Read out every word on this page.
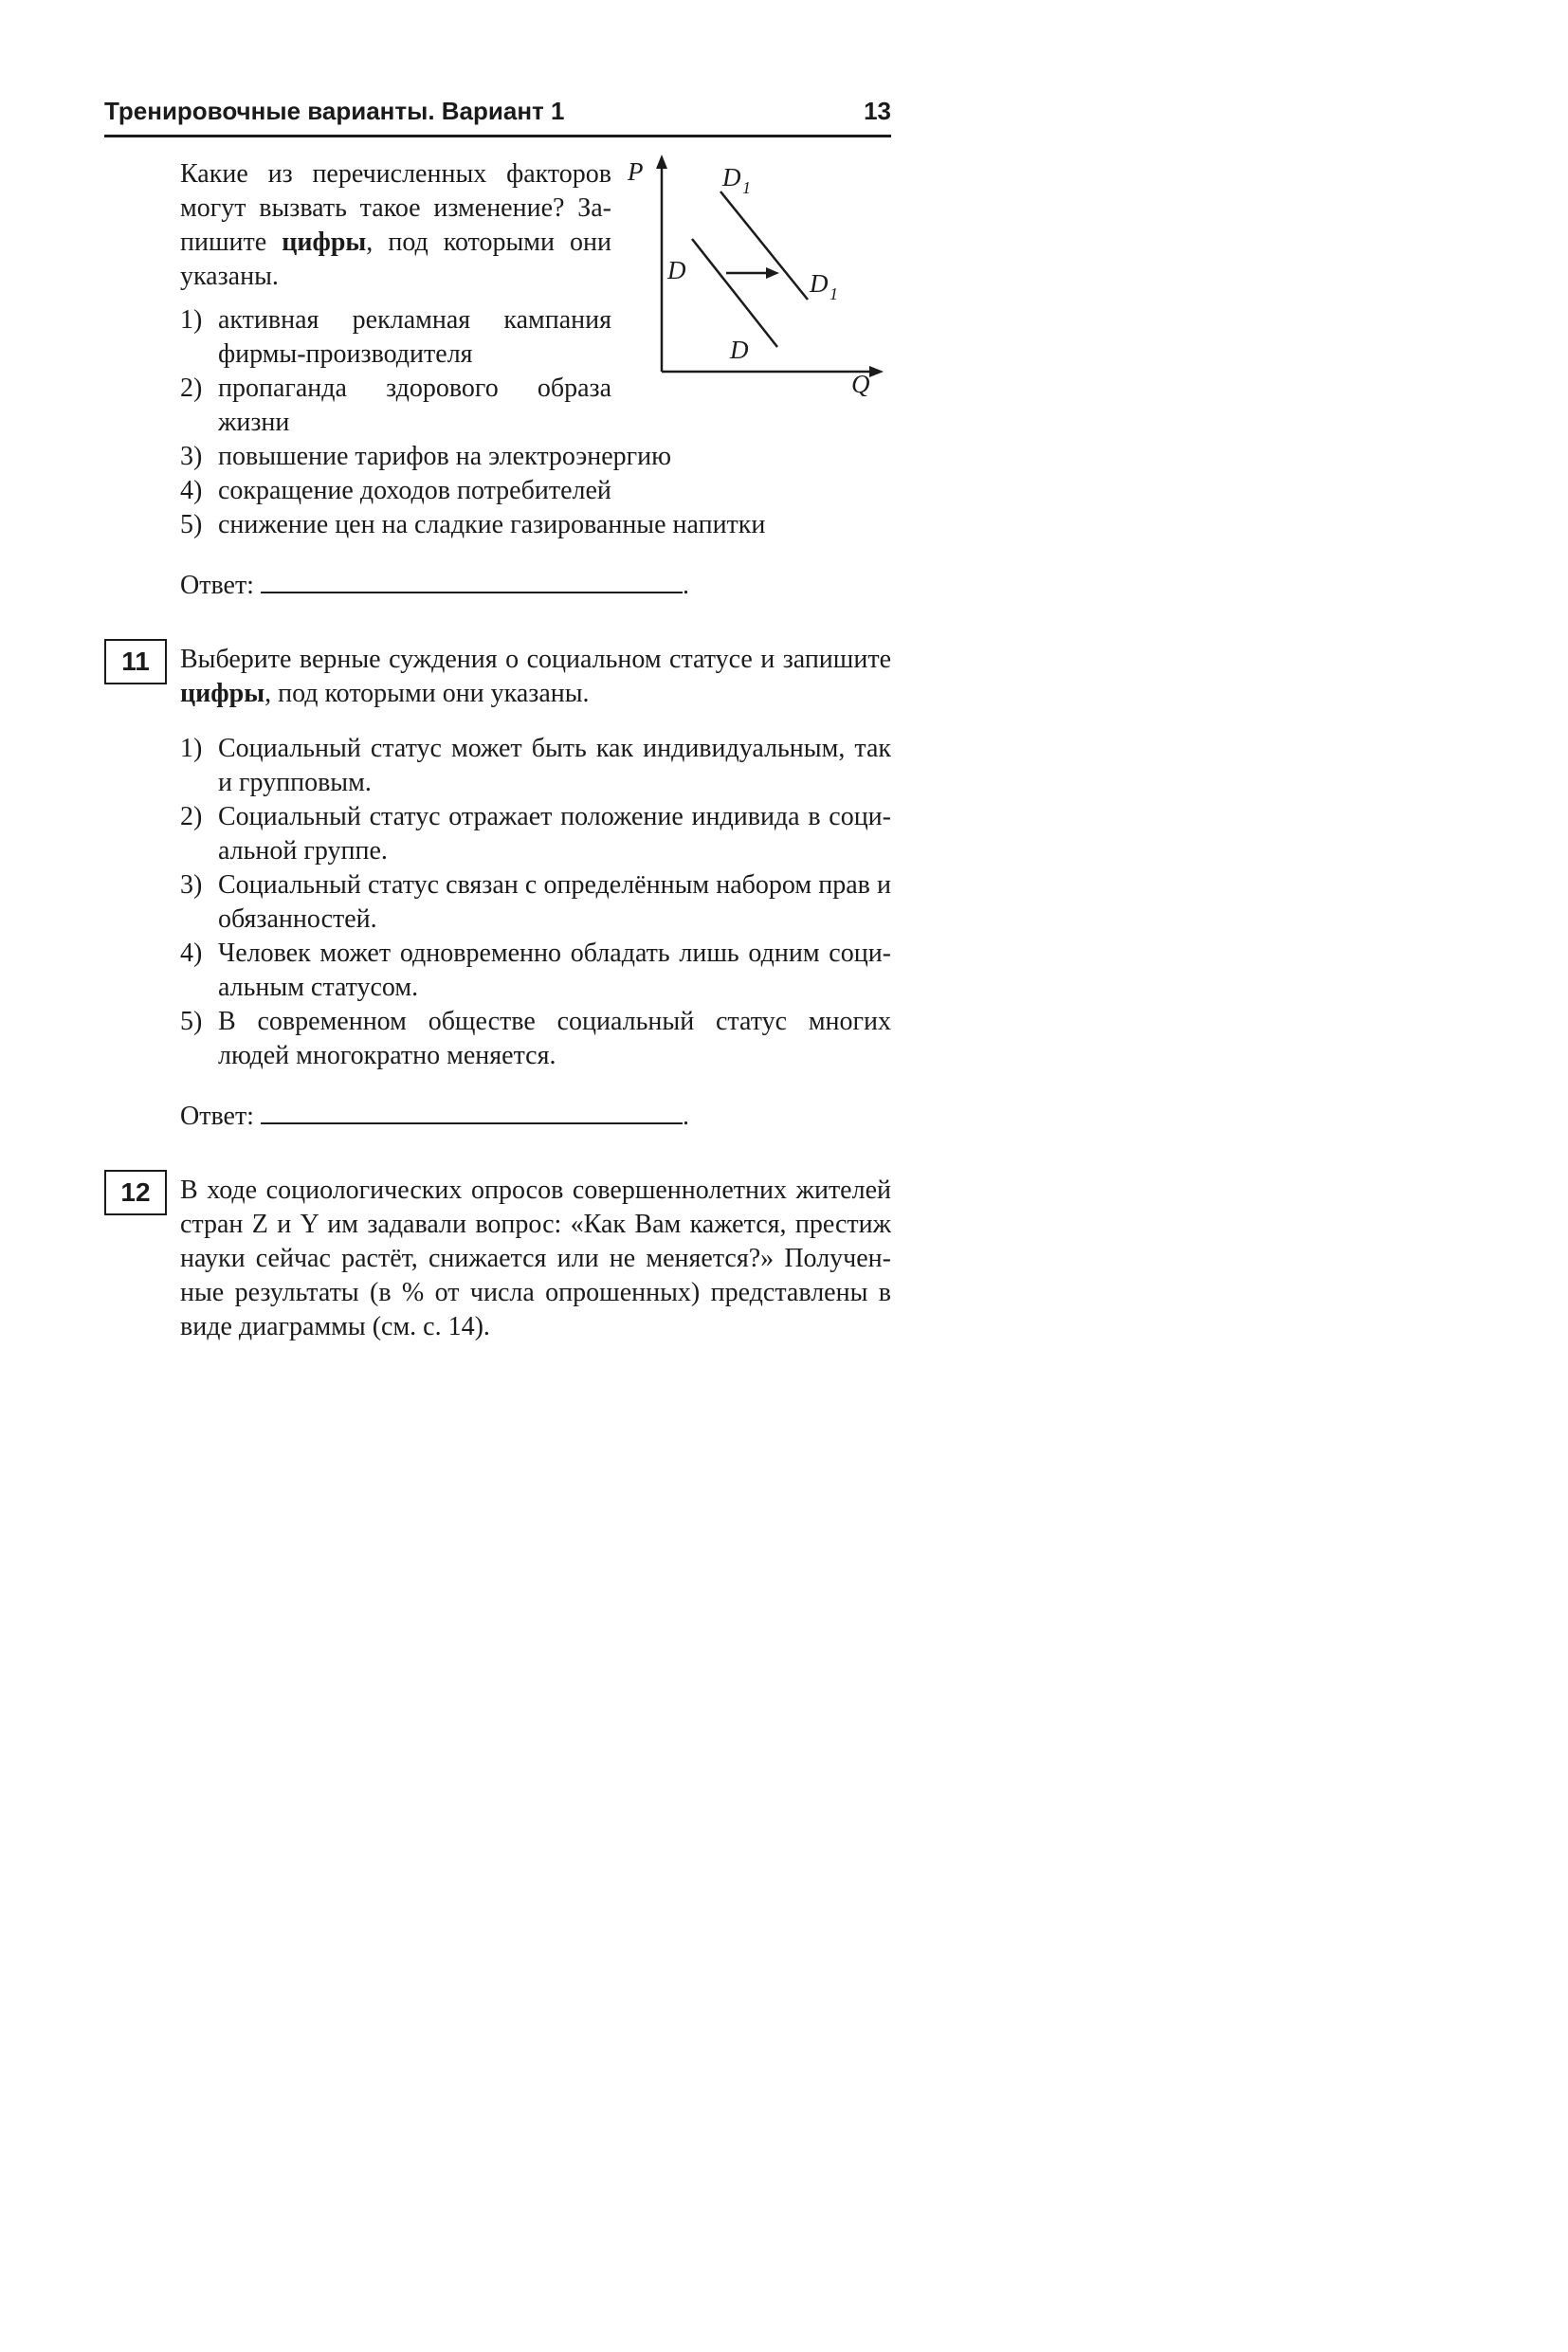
Тренировочные варианты. Вариант 1	13

Какие из перечисленных факторов могут вызвать такое изменение? Запишите цифры, под которыми они указаны.

P
Q
D
D
D 1
D 1
1) активная рекламная кампания фирмы-производителя
2) пропаганда здорового образа жизни
3) повышение тарифов на электроэнергию
4) сокращение доходов потребителей
5) снижение цен на сладкие газированные напитки
Ответ:	.
11 Выберите верные суждения о социальном статусе и запишите цифры, под которыми они указаны.

1) Социальный статус может быть как индивидуальным, так и групповым.
2) Социальный статус отражает положение индивида в социальной группе.
3) Социальный статус связан с определённым набором прав и обязанностей.
4) Человек может одновременно обладать лишь одним социальным статусом.
5) В современном обществе социальный статус многих людей многократно меняется.
Ответ:	.
12 В ходе социологических опросов совершеннолетних жителей стран Z и Y им задавали вопрос: «Как Вам кажется, престиж науки сейчас растёт, снижается или не меняется?» Полученные результаты (в % от числа опрошенных) представлены в виде диаграммы (см. с. 14).
